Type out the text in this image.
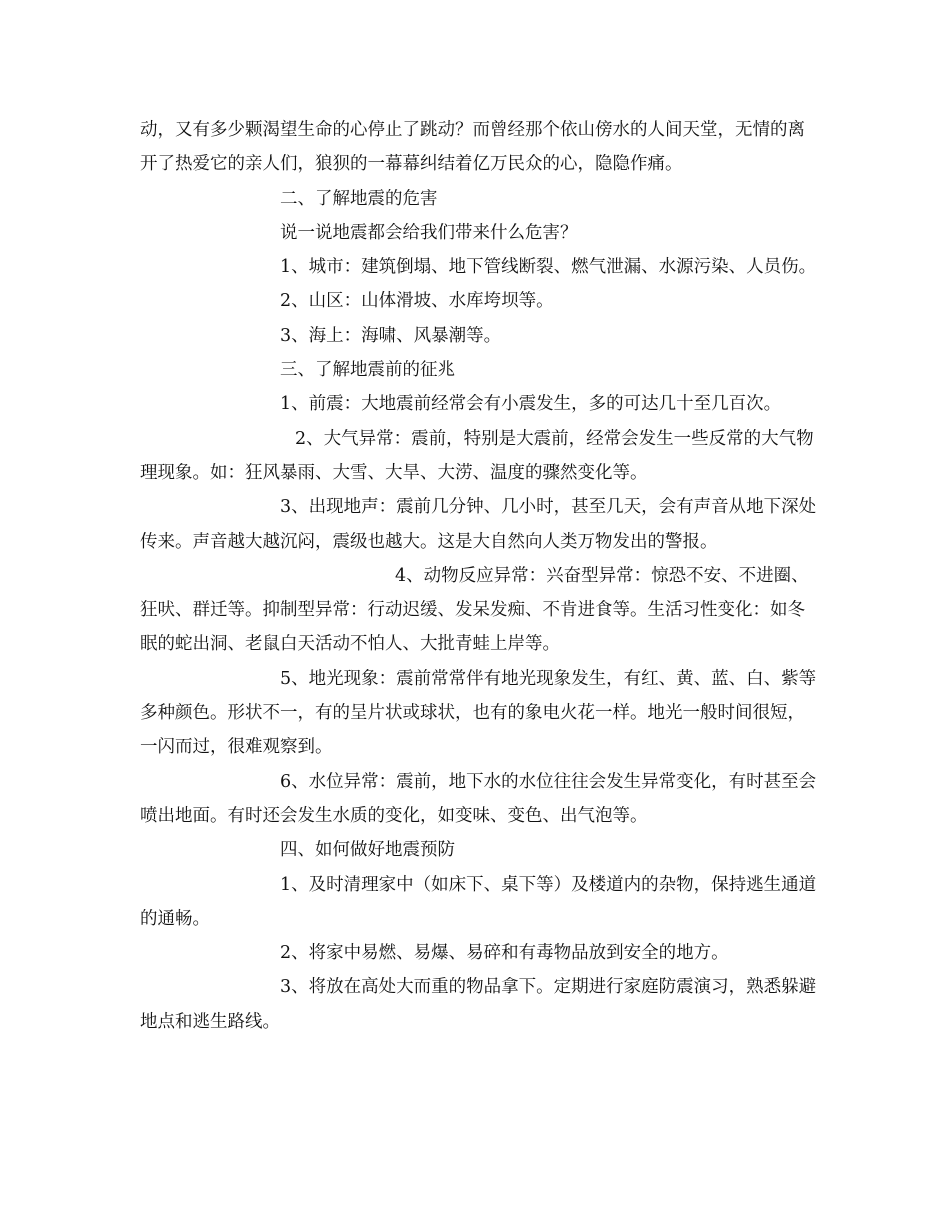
动，又有多少颗渴望生命的心停止了跳动？而曾经那个依山傍水的人间天堂，无情的离开了热爱它的亲人们，狼狈的一幕幕纠结着亿万民众的心，隐隐作痛。

二、了解地震的危害

说一说地震都会给我们带来什么危害？

1、城市：建筑倒塌、地下管线断裂、燃气泄漏、水源污染、人员伤。

2、山区：山体滑坡、水库垮坝等。

3、海上：海啸、风暴潮等。

三、了解地震前的征兆

1、前震：大地震前经常会有小震发生，多的可达几十至几百次。

2、大气异常：震前，特别是大震前，经常会发生一些反常的大气物理现象。如：狂风暴雨、大雪、大旱、大涝、温度的骤然变化等。

3、出现地声：震前几分钟、几小时，甚至几天，会有声音从地下深处传来。声音越大越沉闷，震级也越大。这是大自然向人类万物发出的警报。

4、动物反应异常：兴奋型异常：惊恐不安、不进圈、狂吠、群迁等。抑制型异常：行动迟缓、发呆发痴、不肯进食等。生活习性变化：如冬眠的蛇出洞、老鼠白天活动不怕人、大批青蛙上岸等。

5、地光现象：震前常常伴有地光现象发生，有红、黄、蓝、白、紫等多种颜色。形状不一，有的呈片状或球状，也有的象电火花一样。地光一般时间很短，一闪而过，很难观察到。

6、水位异常：震前，地下水的水位往往会发生异常变化，有时甚至会喷出地面。有时还会发生水质的变化，如变味、变色、出气泡等。

四、如何做好地震预防

1、及时清理家中（如床下、桌下等）及楼道内的杂物，保持逃生通道的通畅。

2、将家中易燃、易爆、易碎和有毒物品放到安全的地方。

3、将放在高处大而重的物品拿下。定期进行家庭防震演习，熟悉躲避地点和逃生路线。
